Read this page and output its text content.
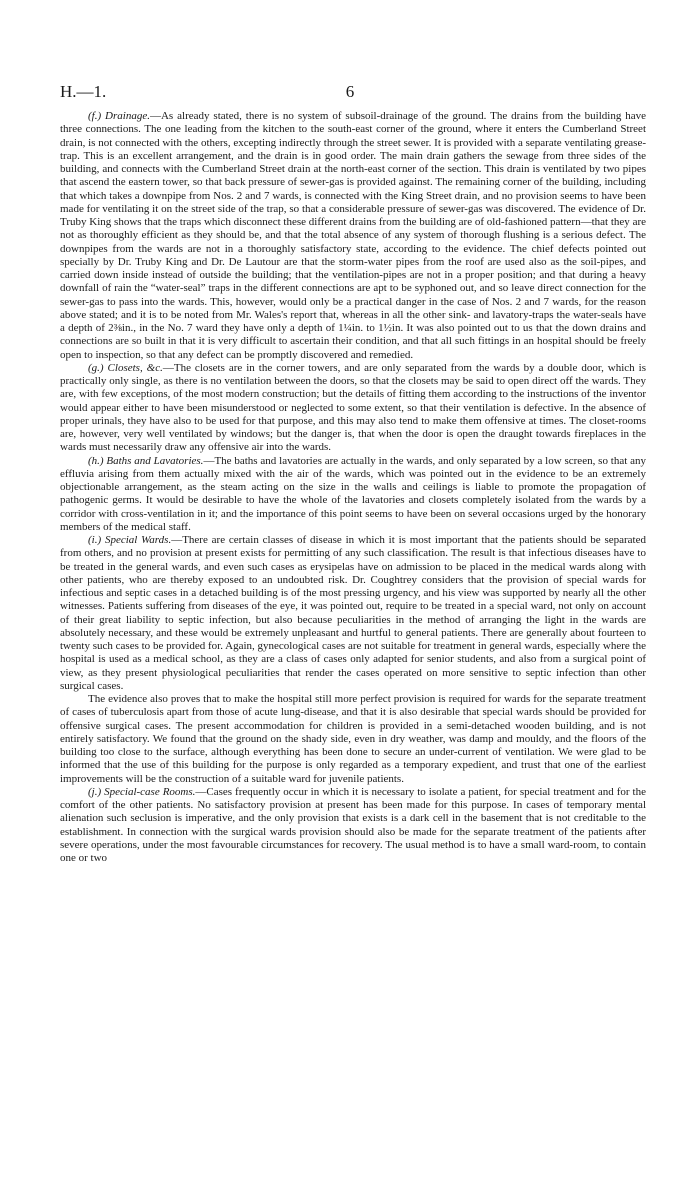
H.—1.	6

(f.) Drainage.—As already stated, there is no system of subsoil-drainage of the ground. The drains from the building have three connections. The one leading from the kitchen to the south-east corner of the ground, where it enters the Cumberland Street drain, is not connected with the others, excepting indirectly through the street sewer. It is provided with a separate ventilating grease-trap. This is an excellent arrangement, and the drain is in good order. The main drain gathers the sewage from three sides of the building, and connects with the Cumberland Street drain at the north-east corner of the section. This drain is ventilated by two pipes that ascend the eastern tower, so that back pressure of sewer-gas is provided against. The remaining corner of the building, including that which takes a downpipe from Nos. 2 and 7 wards, is connected with the King Street drain, and no provision seems to have been made for ventilating it on the street side of the trap, so that a considerable pressure of sewer-gas was discovered. The evidence of Dr. Truby King shows that the traps which disconnect these different drains from the building are of old-fashioned pattern—that they are not as thoroughly efficient as they should be, and that the total absence of any system of thorough flushing is a serious defect. The downpipes from the wards are not in a thoroughly satisfactory state, according to the evidence. The chief defects pointed out specially by Dr. Truby King and Dr. De Lautour are that the storm-water pipes from the roof are used also as the soil-pipes, and carried down inside instead of outside the building; that the ventilation-pipes are not in a proper position; and that during a heavy downfall of rain the “water-seal” traps in the different connections are apt to be syphoned out, and so leave direct connection for the sewer-gas to pass into the wards. This, however, would only be a practical danger in the case of Nos. 2 and 7 wards, for the reason above stated; and it is to be noted from Mr. Wales's report that, whereas in all the other sink- and lavatory-traps the water-seals have a depth of 2⅜in., in the No. 7 ward they have only a depth of 1¼in. to 1½in. It was also pointed out to us that the down drains and connections are so built in that it is very difficult to ascertain their condition, and that all such fittings in an hospital should be freely open to inspection, so that any defect can be promptly discovered and remedied.

(g.) Closets, &c.—The closets are in the corner towers, and are only separated from the wards by a double door, which is practically only single, as there is no ventilation between the doors, so that the closets may be said to open direct off the wards. They are, with few exceptions, of the most modern construction; but the details of fitting them according to the instructions of the inventor would appear either to have been misunderstood or neglected to some extent, so that their ventilation is defective. In the absence of proper urinals, they have also to be used for that purpose, and this may also tend to make them offensive at times. The closet-rooms are, however, very well ventilated by windows; but the danger is, that when the door is open the draught towards fireplaces in the wards must necessarily draw any offensive air into the wards.

(h.) Baths and Lavatories.—The baths and lavatories are actually in the wards, and only separated by a low screen, so that any effluvia arising from them actually mixed with the air of the wards, which was pointed out in the evidence to be an extremely objectionable arrangement, as the steam acting on the size in the walls and ceilings is liable to promote the propagation of pathogenic germs. It would be desirable to have the whole of the lavatories and closets completely isolated from the wards by a corridor with cross-ventilation in it; and the importance of this point seems to have been on several occasions urged by the honorary members of the medical staff.

(i.) Special Wards.—There are certain classes of disease in which it is most important that the patients should be separated from others, and no provision at present exists for permitting of any such classification. The result is that infectious diseases have to be treated in the general wards, and even such cases as erysipelas have on admission to be placed in the medical wards along with other patients, who are thereby exposed to an undoubted risk. Dr. Coughtrey considers that the provision of special wards for infectious and septic cases in a detached building is of the most pressing urgency, and his view was supported by nearly all the other witnesses. Patients suffering from diseases of the eye, it was pointed out, require to be treated in a special ward, not only on account of their great liability to septic infection, but also because peculiarities in the method of arranging the light in the wards are absolutely necessary, and these would be extremely unpleasant and hurtful to general patients. There are generally about fourteen to twenty such cases to be provided for. Again, gynecological cases are not suitable for treatment in general wards, especially where the hospital is used as a medical school, as they are a class of cases only adapted for senior students, and also from a surgical point of view, as they present physiological peculiarities that render the cases operated on more sensitive to septic infection than other surgical cases.

The evidence also proves that to make the hospital still more perfect provision is required for wards for the separate treatment of cases of tuberculosis apart from those of acute lung-disease, and that it is also desirable that special wards should be provided for offensive surgical cases. The present accommodation for children is provided in a semi-detached wooden building, and is not entirely satisfactory. We found that the ground on the shady side, even in dry weather, was damp and mouldy, and the floors of the building too close to the surface, although everything has been done to secure an under-current of ventilation. We were glad to be informed that the use of this building for the purpose is only regarded as a temporary expedient, and trust that one of the earliest improvements will be the construction of a suitable ward for juvenile patients.

(j.) Special-case Rooms.—Cases frequently occur in which it is necessary to isolate a patient, for special treatment and for the comfort of the other patients. No satisfactory provision at present has been made for this purpose. In cases of temporary mental alienation such seclusion is imperative, and the only provision that exists is a dark cell in the basement that is not creditable to the establishment. In connection with the surgical wards provision should also be made for the separate treatment of the patients after severe operations, under the most favourable circumstances for recovery. The usual method is to have a small ward-room, to contain one or two
